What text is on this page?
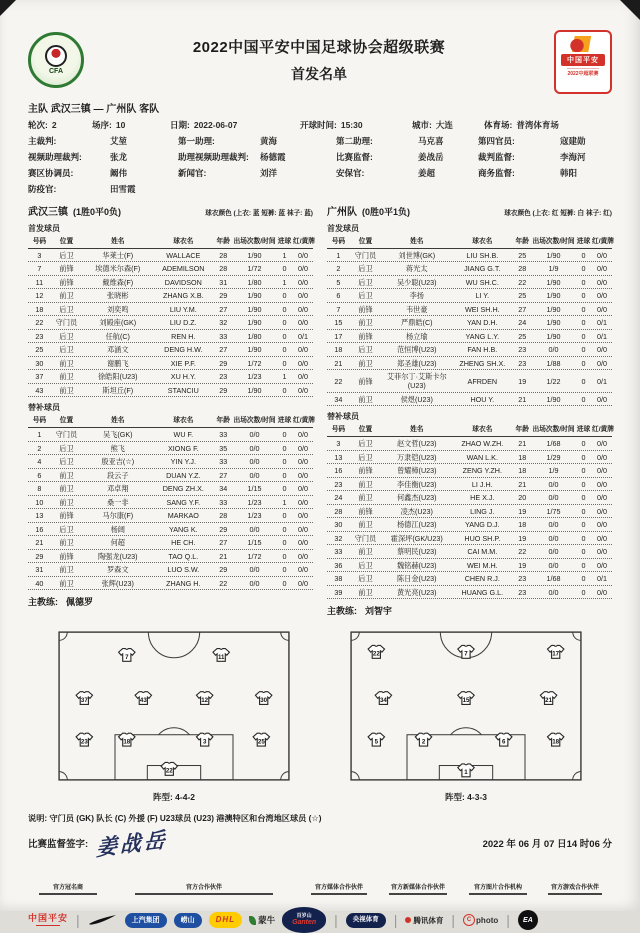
CFA
2022中国平安中国足球协会超级联赛
首发名单
中国平安
2022中超联赛
主队 武汉三镇 — 广州队 客队
轮次: 2	场序: 10	日期: 2022-06-07	开球时间: 15:30	城市: 大连	体育场: 普湾体育场
主裁判:	艾堃	第一助理:	黄海	第二助理:	马克喜	第四官员:	寇建勋
视频助理裁判:	张龙	助理视频助理裁判:	杨德霞	比赛监督:	姜战岳	裁判监督:	李海河
赛区协调员:	阚伟	新闻官:	刘洋	安保官:	姜超	商务监督:	韩阳
防疫官:	田雪霞
武汉三镇 (1胜0平0负)	球衣颜色 (上衣: 蓝 短裤: 蓝 袜子: 蓝)
首发球员
号码	位置	姓名	球衣名	年龄 出场次数/时间 进球 红/黄牌
3	后卫	华莱士(F)	WALLACE	28	1/90	1	0/0
7	前锋	埃德米尔森(F)	ADEMILSON	28	1/72	0	0/0
11	前锋	戴维森(F)	DAVIDSON	31	1/80	1	0/0
12	前卫	张晓彬	ZHANG X.B.	29	1/90	0	0/0
18	后卫	刘奕鸣	LIU Y.M.	27	1/90	0	0/0
22	守门员	刘殿座(GK)	LIU D.Z.	32	1/90	0	0/0
23	后卫	任航(C)	REN H.	33	1/80	0	0/1
25	后卫	邓涵文	DENG H.W.	27	1/90	0	0/0
30	前卫	谢鹏飞	XIE P.F.	29	1/72	0	0/0
37	前卫	徐皓阳(U23)	XU H.Y.	23	1/23	1	0/0
43	前卫	斯坦丘(F)	STANCIU	29	1/90	0	0/0
替补球员
号码	位置	姓名	球衣名	年龄 出场次数/时间 进球 红/黄牌
1	守门员	吴飞(GK)	WU F.	33	0/0	0	0/0
2	后卫	熊飞	XIONG F.	35	0/0	0	0/0
4	后卫	殷亚吉(☆)	YIN Y.J.	33	0/0	0	0/0
6	前卫	段云子	DUAN Y.Z.	27	0/0	0	0/0
8	前卫	邓卓翔	DENG ZH.X.	34	1/15	0	0/0
10	前卫	桑一非	SANG Y.F.	33	1/23	1	0/0
13	前锋	马尔康(F)	MARKAO	28	1/23	0	0/0
16	后卫	杨阔	YANG K.	29	0/0	0	0/0
21	前卫	何超	HE CH.	27	1/15	0	0/0
29	前锋	陶强龙(U23)	TAO Q.L.	21	1/72	0	0/0
31	前卫	罗森文	LUO S.W.	29	0/0	0	0/0
40	前卫	张辉(U23)	ZHANG H.	22	0/0	0	0/0
主教练: 佩德罗
广州队 (0胜0平1负)	球衣颜色 (上衣: 红 短裤: 白 袜子: 红)
首发球员
号码	位置	姓名	球衣名	年龄 出场次数/时间 进球 红/黄牌
1	守门员	刘世博(GK)	LIU SH.B.	25	1/90	0	0/0
2	后卫	蒋光太	JIANG G.T.	28	1/9	0	0/0
5	后卫	吴少聪(U23)	WU SH.C.	22	1/90	0	0/0
6	后卫	李扬	LI Y.	25	1/90	0	0/0
7	前锋	韦世豪	WEI SH.H.	27	1/90	0	0/0
15	前卫	严鼎皓(C)	YAN D.H.	24	1/90	0	0/1
17	前锋	杨立瑜	YANG L.Y.	25	1/90	0	0/1
18	后卫	范恒博(U23)	FAN H.B.	23	0/0	0	0/0
21	前卫	郑圣雄(U23)	ZHENG SH.X.	23	1/88	0	0/0
22	前锋	艾菲尔丁·艾斯卡尔(U23)	AFRDEN	19	1/22	0	0/1
34	前卫	侯煜(U23)	HOU Y.	21	1/90	0	0/0
替补球员
号码	位置	姓名	球衣名	年龄 出场次数/时间 进球 红/黄牌
3	后卫	赵文哲(U23)	ZHAO W.ZH.	21	1/68	0	0/0
13	后卫	万隶铠(U23)	WAN L.K.	18	1/29	0	0/0
16	前锋	曾耀樟(U23)	ZENG Y.ZH.	18	1/9	0	0/0
23	前卫	李佳衡(U23)	LI J.H.	21	0/0	0	0/0
24	前卫	何鑫杰(U23)	HE X.J.	20	0/0	0	0/0
28	前锋	凌杰(U23)	LING J.	19	1/75	0	0/0
30	前卫	杨德江(U23)	YANG D.J.	18	0/0	0	0/0
32	守门员	霍深坪(GK/U23)	HUO SH.P.	19	0/0	0	0/0
33	前卫	蔡明民(U23)	CAI M.M.	22	0/0	0	0/0
36	后卫	魏铭赫(U23)	WEI M.H.	19	0/0	0	0/0
38	后卫	陈日金(U23)	CHEN R.J.	23	1/68	0	0/1
39	前卫	黄光亮(U23)	HUANG G.L.	23	0/0	0	0/0
主教练: 刘智宇
7	11
37	43	12	30
23	18	3	25
22
阵型: 4-4-2
22	7	17
34	15	21
5	2	6	18
1
阵型: 4-3-3
说明: 守门员 (GK) 队长 (C) 外援 (F) U23球员 (U23) 港澳特区和台湾地区球员 (☆)
比赛监督签字: 姜战岳	2022 年 06 月 07 日14 时06 分
官方冠名商	官方合作伙伴	官方媒体合作伙伴	官方新媒体合作伙伴	官方图片合作机构	官方游戏合作伙伴
中国平安 |	上汽集团	崂山	DHL	蒙牛	百岁山
Ganten |	央视体育	|	腾讯体育 |	C photo |	EA
